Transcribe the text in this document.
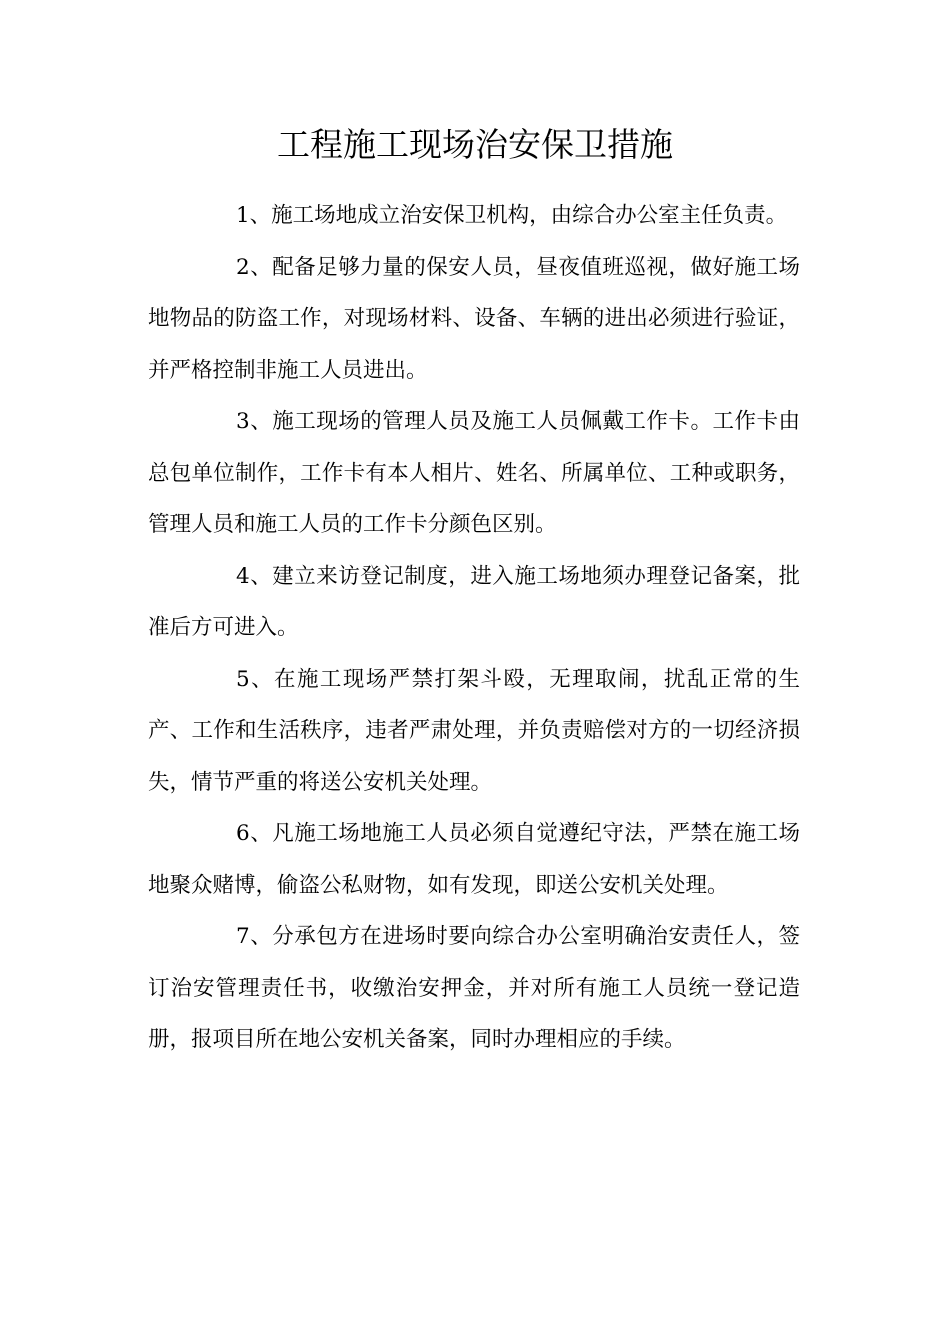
工程施工现场治安保卫措施

1、施工场地成立治安保卫机构，由综合办公室主任负责。

2、配备足够力量的保安人员，昼夜值班巡视，做好施工场地物品的防盗工作，对现场材料、设备、车辆的进出必须进行验证，并严格控制非施工人员进出。

3、施工现场的管理人员及施工人员佩戴工作卡。工作卡由总包单位制作，工作卡有本人相片、姓名、所属单位、工种或职务，管理人员和施工人员的工作卡分颜色区别。

4、建立来访登记制度，进入施工场地须办理登记备案，批准后方可进入。

5、在施工现场严禁打架斗殴，无理取闹，扰乱正常的生产、工作和生活秩序，违者严肃处理，并负责赔偿对方的一切经济损失，情节严重的将送公安机关处理。

6、凡施工场地施工人员必须自觉遵纪守法，严禁在施工场地聚众赌博，偷盗公私财物，如有发现，即送公安机关处理。

7、分承包方在进场时要向综合办公室明确治安责任人，签订治安管理责任书，收缴治安押金，并对所有施工人员统一登记造册，报项目所在地公安机关备案，同时办理相应的手续。
